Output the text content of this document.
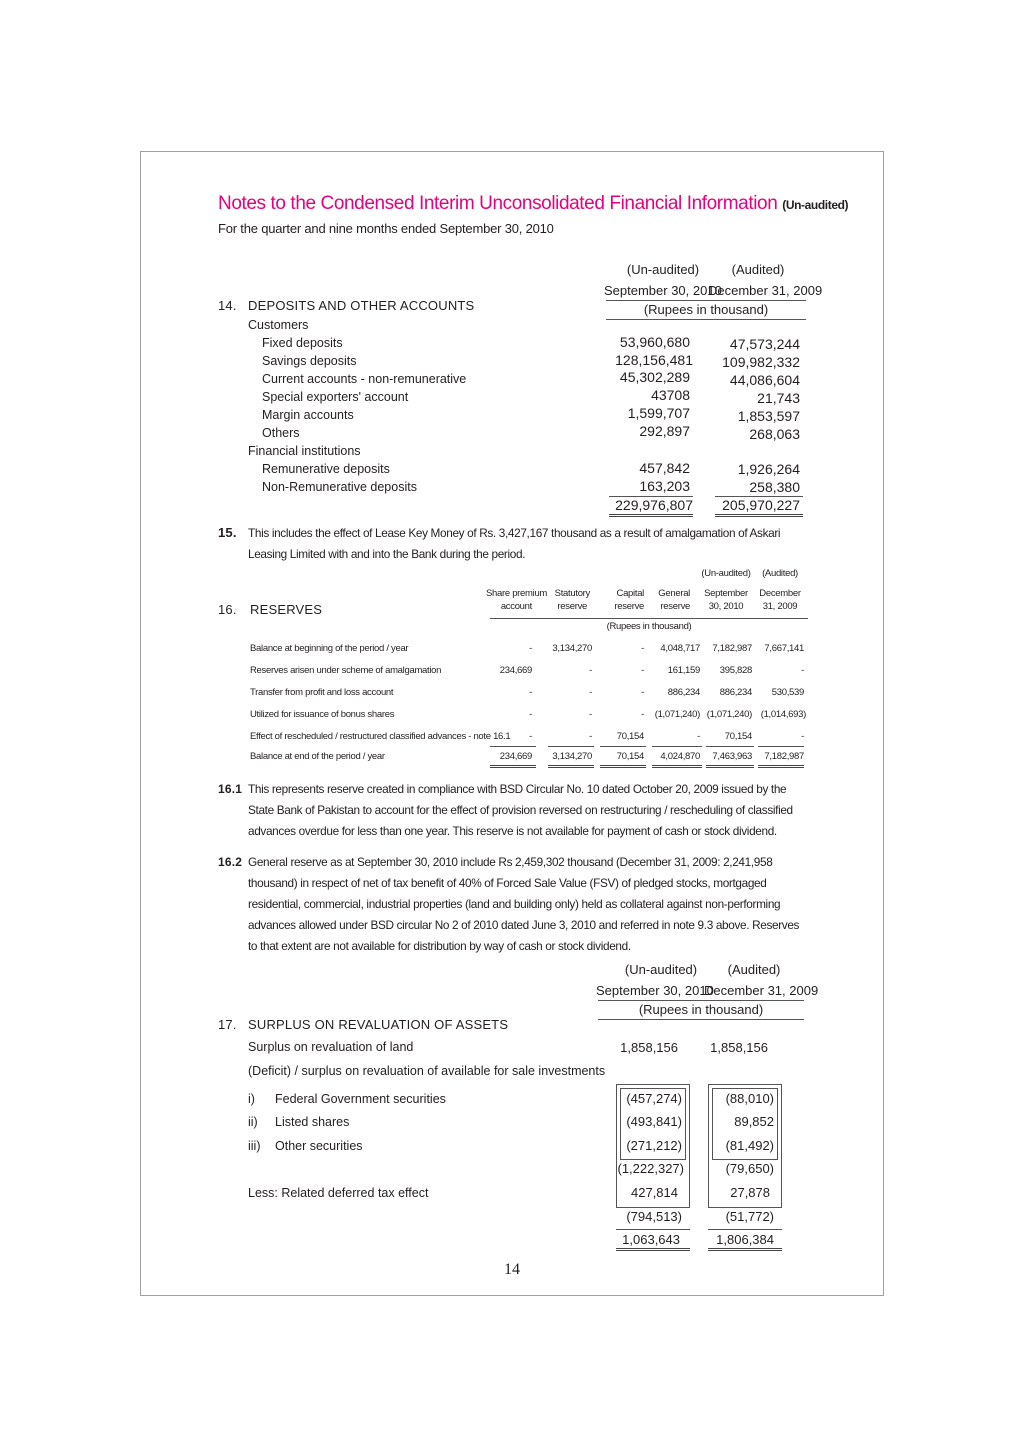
Notes to the Condensed Interim Unconsolidated Financial Information (Un-audited)
For the quarter and nine months ended September 30, 2010
(Un-audited)	(Audited)
September 30, 2010
December 31, 2009
(Rupees in thousand)
14. DEPOSITS AND OTHER ACCOUNTS
Customers
Fixed deposits	53,960,680	47,573,244
Savings deposits	128,156,481	109,982,332
Current accounts - non-remunerative	45,302,289	44,086,604
Special exporters' account	43708	21,743
Margin accounts	1,599,707	1,853,597
Others	292,897	268,063
Financial institutions
Remunerative deposits	457,842	1,926,264
Non-Remunerative deposits	163,203	258,380
229,976,807	205,970,227
15. This includes the effect of Lease Key Money of Rs. 3,427,167 thousand as a result of amalgamation of Askari Leasing Limited with and into the Bank during the period.
(Un-audited)	(Audited)
Share premium
account
Statutory
reserve
Capital
reserve
General
reserve
September
30, 2010
December
31, 2009
16. RESERVES
(Rupees in thousand)
Balance at beginning of the period / year	-	3,134,270	-	4,048,717	7,182,987	7,667,141
Reserves arisen under scheme of amalgamation	234,669	-	-	161,159	395,828	-
Transfer from profit and loss account	-	-	-	886,234	886,234	530,539
Utilized for issuance of bonus shares	-	-	-	(1,071,240) (1,071,240) (1,014,693)
Effect of rescheduled / restructured classified advances - note 16.1	-	-	70,154	-	70,154	-
Balance at end of the period / year	234,669	3,134,270	70,154	4,024,870	7,463,963	7,182,987
16.1 This represents reserve created in compliance with BSD Circular No. 10 dated October 20, 2009 issued by the State Bank of Pakistan to account for the effect of provision reversed on restructuring / rescheduling of classified advances overdue for less than one year. This reserve is not available for payment of cash or stock dividend.
16.2 General reserve as at September 30, 2010 include Rs 2,459,302 thousand (December 31, 2009: 2,241,958 thousand) in respect of net of tax benefit of 40% of Forced Sale Value (FSV) of pledged stocks, mortgaged residential, commercial, industrial properties (land and building only) held as collateral against non-performing advances allowed under BSD circular No 2 of 2010 dated June 3, 2010 and referred in note 9.3 above. Reserves to that extent are not available for distribution by way of cash or stock dividend.
(Un-audited)	(Audited)
September 30, 2010
December 31, 2009
(Rupees in thousand)
17. SURPLUS ON REVALUATION OF ASSETS
Surplus on revaluation of land	1,858,156	1,858,156
(Deficit) / surplus on revaluation of available for sale investments
i) Federal Government securities	(457,274)	(88,010)
ii) Listed shares	(493,841)	89,852
iii) Other securities	(271,212)	(81,492)
(1,222,327)	(79,650)
Less: Related deferred tax effect	427,814	27,878
(794,513)	(51,772)
1,063,643	1,806,384
14
